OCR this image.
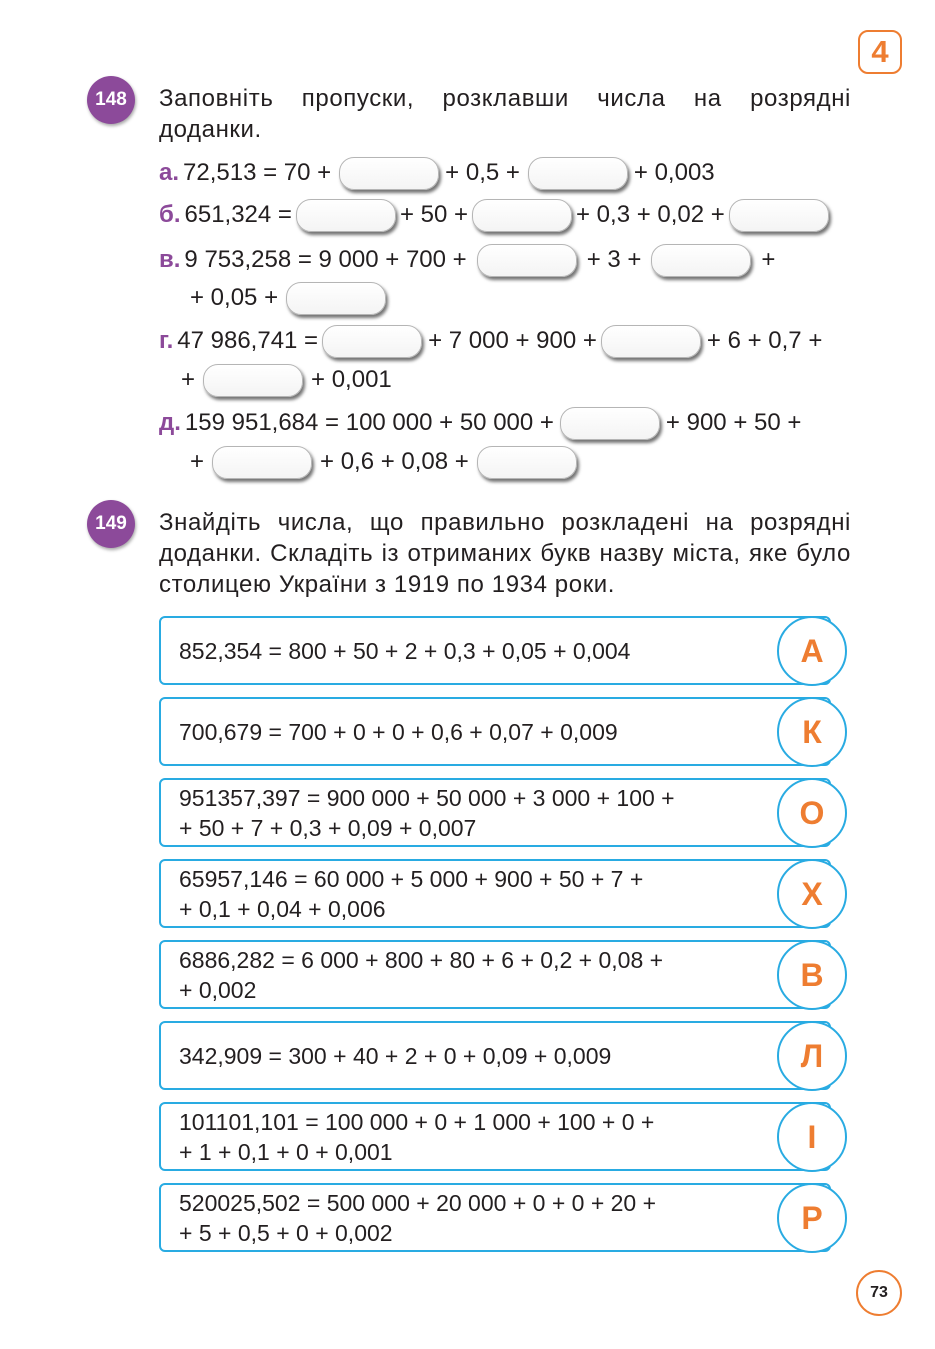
4
148	Заповніть пропуски, розклавши числа на розрядні доданки.
а. 72,513 = 70 +	+ 0,5 +	+ 0,003
б. 651,324 =	+ 50 +	+ 0,3 + 0,02 +
в. 9 753,258 = 9 000 + 700 +	+ 3 +	+
+ 0,05 +
г. 47 986,741 =	+ 7 000 + 900 +	+ 6 + 0,7 +
+	+ 0,001
д. 159 951,684 = 100 000 + 50 000 +	+ 900 + 50 +
+	+ 0,6 + 0,08 +
149	Знайдіть числа, що правильно розкладені на розрядні доданки. Складіть із отриманих букв назву міста, яке було столицею України з 1919 по 1934 роки.
852,354 = 800 + 50 + 2 + 0,3 + 0,05 + 0,004	А
700,679 = 700 + 0 + 0 + 0,6 + 0,07 + 0,009	К
951357,397 = 900 000 + 50 000 + 3 000 + 100 +
+ 50 + 7 + 0,3 + 0,09 + 0,007	О
65957,146 = 60 000 + 5 000 + 900 + 50 + 7 +
+ 0,1 + 0,04 + 0,006	Х
6886,282 = 6 000 + 800 + 80 + 6 + 0,2 + 0,08 +
+ 0,002	В
342,909 = 300 + 40 + 2 + 0 + 0,09 + 0,009	Л
101101,101 = 100 000 + 0 + 1 000 + 100 + 0 +
+ 1 + 0,1 + 0 + 0,001	І
520025,502 = 500 000 + 20 000 + 0 + 0 + 20 +
+ 5 + 0,5 + 0 + 0,002	Р
73
